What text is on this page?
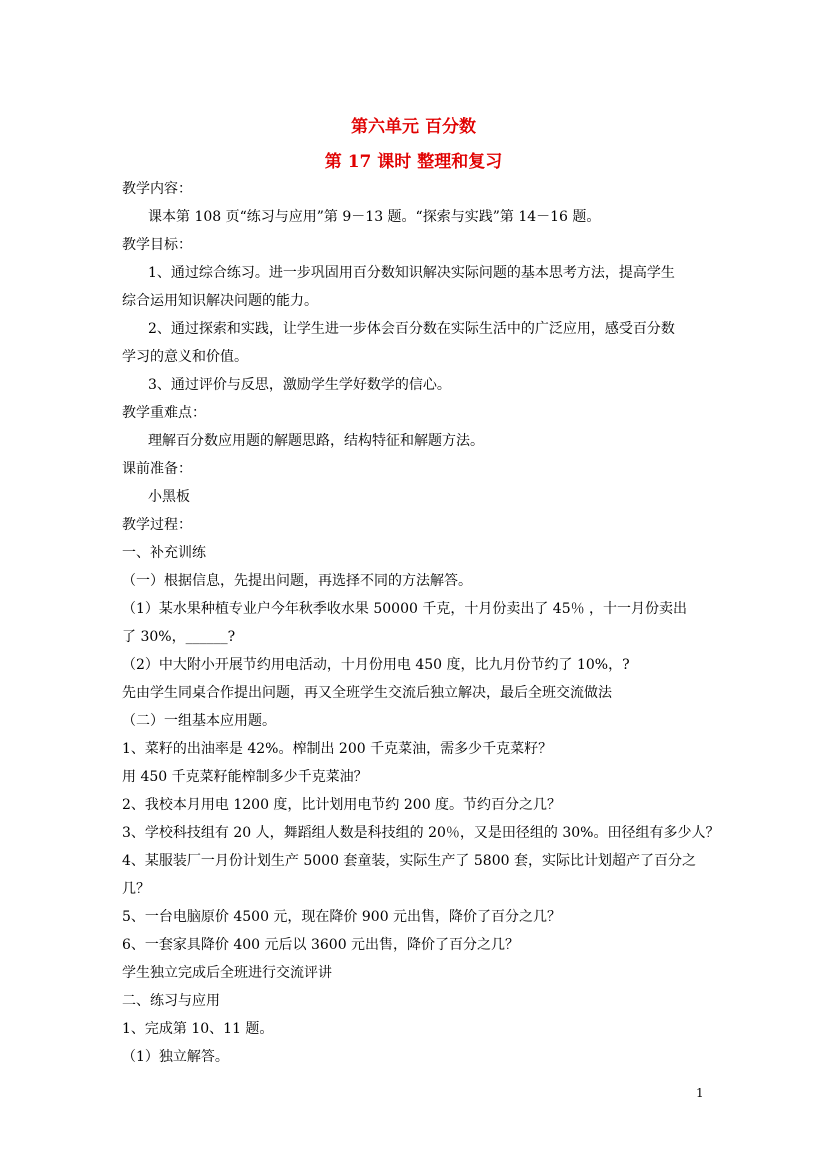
第六单元 百分数
第 17 课时 整理和复习
教学内容：
课本第 108 页“练习与应用”第 9－13 题。“探索与实践”第 14－16 题。
教学目标：
1、通过综合练习。进一步巩固用百分数知识解决实际问题的基本思考方法，提高学生
综合运用知识解决问题的能力。
2、通过探索和实践，让学生进一步体会百分数在实际生活中的广泛应用，感受百分数
学习的意义和价值。
3、通过评价与反思，激励学生学好数学的信心。
教学重难点：
理解百分数应用题的解题思路，结构特征和解题方法。
课前准备：
小黑板
教学过程：
一、补充训练
（一）根据信息，先提出问题，再选择不同的方法解答。
（1）某水果种植专业户今年秋季收水果 50000 千克，十月份卖出了 45％ ，十一月份卖出
了 30%，______?
（2）中大附小开展节约用电活动，十月份用电 450 度，比九月份节约了 10%，?
先由学生同桌合作提出问题，再又全班学生交流后独立解决，最后全班交流做法
（二）一组基本应用题。
1、菜籽的出油率是 42%。榨制出 200 千克菜油，需多少千克菜籽？
用 450 千克菜籽能榨制多少千克菜油？
2、我校本月用电 1200 度，比计划用电节约 200 度。节约百分之几？
3、学校科技组有 20 人，舞蹈组人数是科技组的 20％，又是田径组的 30%。田径组有多少人？
4、某服装厂一月份计划生产 5000 套童装，实际生产了 5800 套，实际比计划超产了百分之
几？
5、一台电脑原价 4500 元，现在降价 900 元出售，降价了百分之几？
6、一套家具降价 400 元后以 3600 元出售，降价了百分之几？
学生独立完成后全班进行交流评讲
二、练习与应用
1、完成第 10、11 题。
（1）独立解答。
1
